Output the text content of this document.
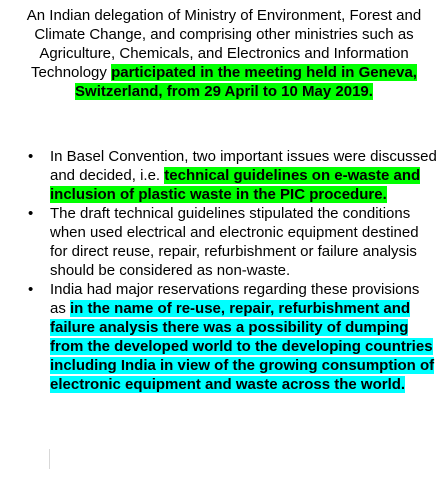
An Indian delegation of Ministry of Environment, Forest and Climate Change, and comprising other ministries such as Agriculture, Chemicals, and Electronics and Information Technology participated in the meeting held in Geneva, Switzerland, from 29 April to 10 May 2019.
• In Basel Convention, two important issues were discussed and decided, i.e. technical guidelines on e-waste and inclusion of plastic waste in the PIC procedure.
• The draft technical guidelines stipulated the conditions when used electrical and electronic equipment destined for direct reuse, repair, refurbishment or failure analysis should be considered as non-waste.
• India had major reservations regarding these provisions as in the name of re-use, repair, refurbishment and failure analysis there was a possibility of dumping from the developed world to the developing countries including India in view of the growing consumption of electronic equipment and waste across the world.
